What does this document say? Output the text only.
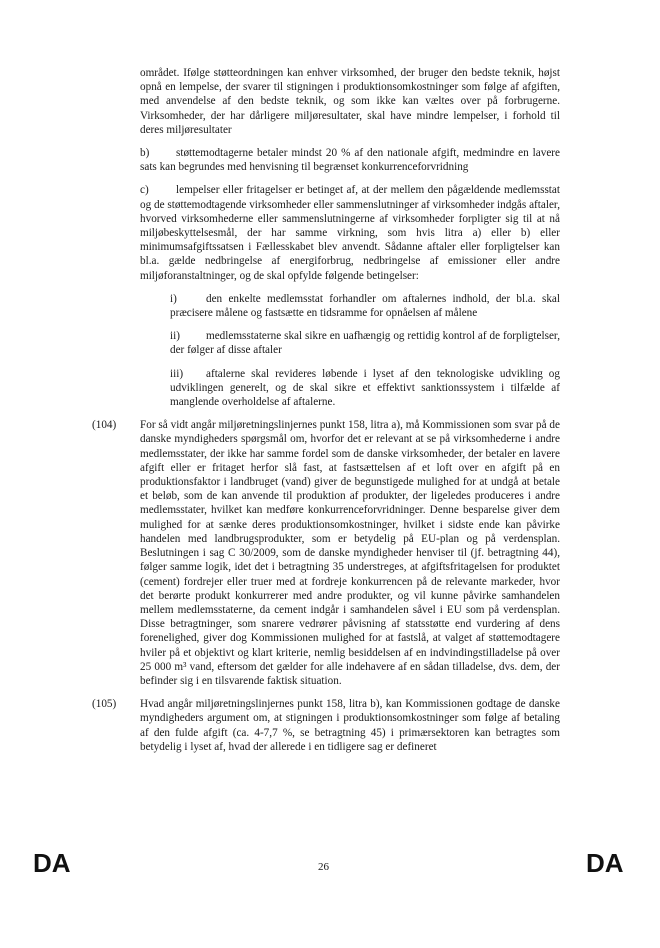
området. Ifølge støtteordningen kan enhver virksomhed, der bruger den bedste teknik, højst opnå en lempelse, der svarer til stigningen i produktionsomkostninger som følge af afgiften, med anvendelse af den bedste teknik, og som ikke kan væltes over på forbrugerne. Virksomheder, der har dårligere miljøresultater, skal have mindre lempelser, i forhold til deres miljøresultater

b) støttemodtagerne betaler mindst 20 % af den nationale afgift, medmindre en lavere sats kan begrundes med henvisning til begrænset konkurrenceforvridning

c) lempelser eller fritagelser er betinget af, at der mellem den pågældende medlemsstat og de støttemodtagende virksomheder eller sammenslutninger af virksomheder indgås aftaler, hvorved virksomhederne eller sammenslutningerne af virksomheder forpligter sig til at nå miljøbeskyttelsesmål, der har samme virkning, som hvis litra a) eller b) eller minimumsafgiftssatsen i Fællesskabet blev anvendt. Sådanne aftaler eller forpligtelser kan bl.a. gælde nedbringelse af energiforbrug, nedbringelse af emissioner eller andre miljøforanstaltninger, og de skal opfylde følgende betingelser:

i)	den enkelte medlemsstat forhandler om aftalernes indhold, der bl.a. skal præcisere målene og fastsætte en tidsramme for opnåelsen af målene

ii) medlemsstaterne skal sikre en uafhængig og rettidig kontrol af de forpligtelser, der følger af disse aftaler

iii) aftalerne skal revideres løbende i lyset af den teknologiske udvikling og udviklingen generelt, og de skal sikre et effektivt sanktionssystem i tilfælde af manglende overholdelse af aftalerne.

(104) For så vidt angår miljøretningslinjernes punkt 158, litra a), må Kommissionen som svar på de danske myndigheders spørgsmål om, hvorfor det er relevant at se på virksomhederne i andre medlemsstater, der ikke har samme fordel som de danske virksomheder, der betaler en lavere afgift eller er fritaget herfor slå fast, at fastsættelsen af et loft over en afgift på en produktionsfaktor i landbruget (vand) giver de begunstigede mulighed for at undgå at betale et beløb, som de kan anvende til produktion af produkter, der ligeledes produceres i andre medlemsstater, hvilket kan medføre konkurrenceforvridninger. Denne besparelse giver dem mulighed for at sænke deres produktionsomkostninger, hvilket i sidste ende kan påvirke handelen med landbrugsprodukter, som er betydelig på EU-plan og på verdensplan. Beslutningen i sag C 30/2009, som de danske myndigheder henviser til (jf. betragtning 44), følger samme logik, idet det i betragtning 35 understreges, at afgiftsfritagelsen for produktet (cement) fordrejer eller truer med at fordreje konkurrencen på de relevante markeder, hvor det berørte produkt konkurrerer med andre produkter, og vil kunne påvirke samhandelen mellem medlemsstaterne, da cement indgår i samhandelen såvel i EU som på verdensplan. Disse betragtninger, som snarere vedrører påvisning af statsstøtte end vurdering af dens forenelighed, giver dog Kommissionen mulighed for at fastslå, at valget af støttemodtagere hviler på et objektivt og klart kriterie, nemlig besiddelsen af en indvindingstilladelse på over 25 000 m³ vand, eftersom det gælder for alle indehavere af en sådan tilladelse, dvs. dem, der befinder sig i en tilsvarende faktisk situation.

(105) Hvad angår miljøretningslinjernes punkt 158, litra b), kan Kommissionen godtage de danske myndigheders argument om, at stigningen i produktionsomkostninger som følge af betaling af den fulde afgift (ca. 4-7,7 %, se betragtning 45) i primærsektoren kan betragtes som betydelig i lyset af, hvad der allerede i en tidligere sag er defineret

DA	26	DA
